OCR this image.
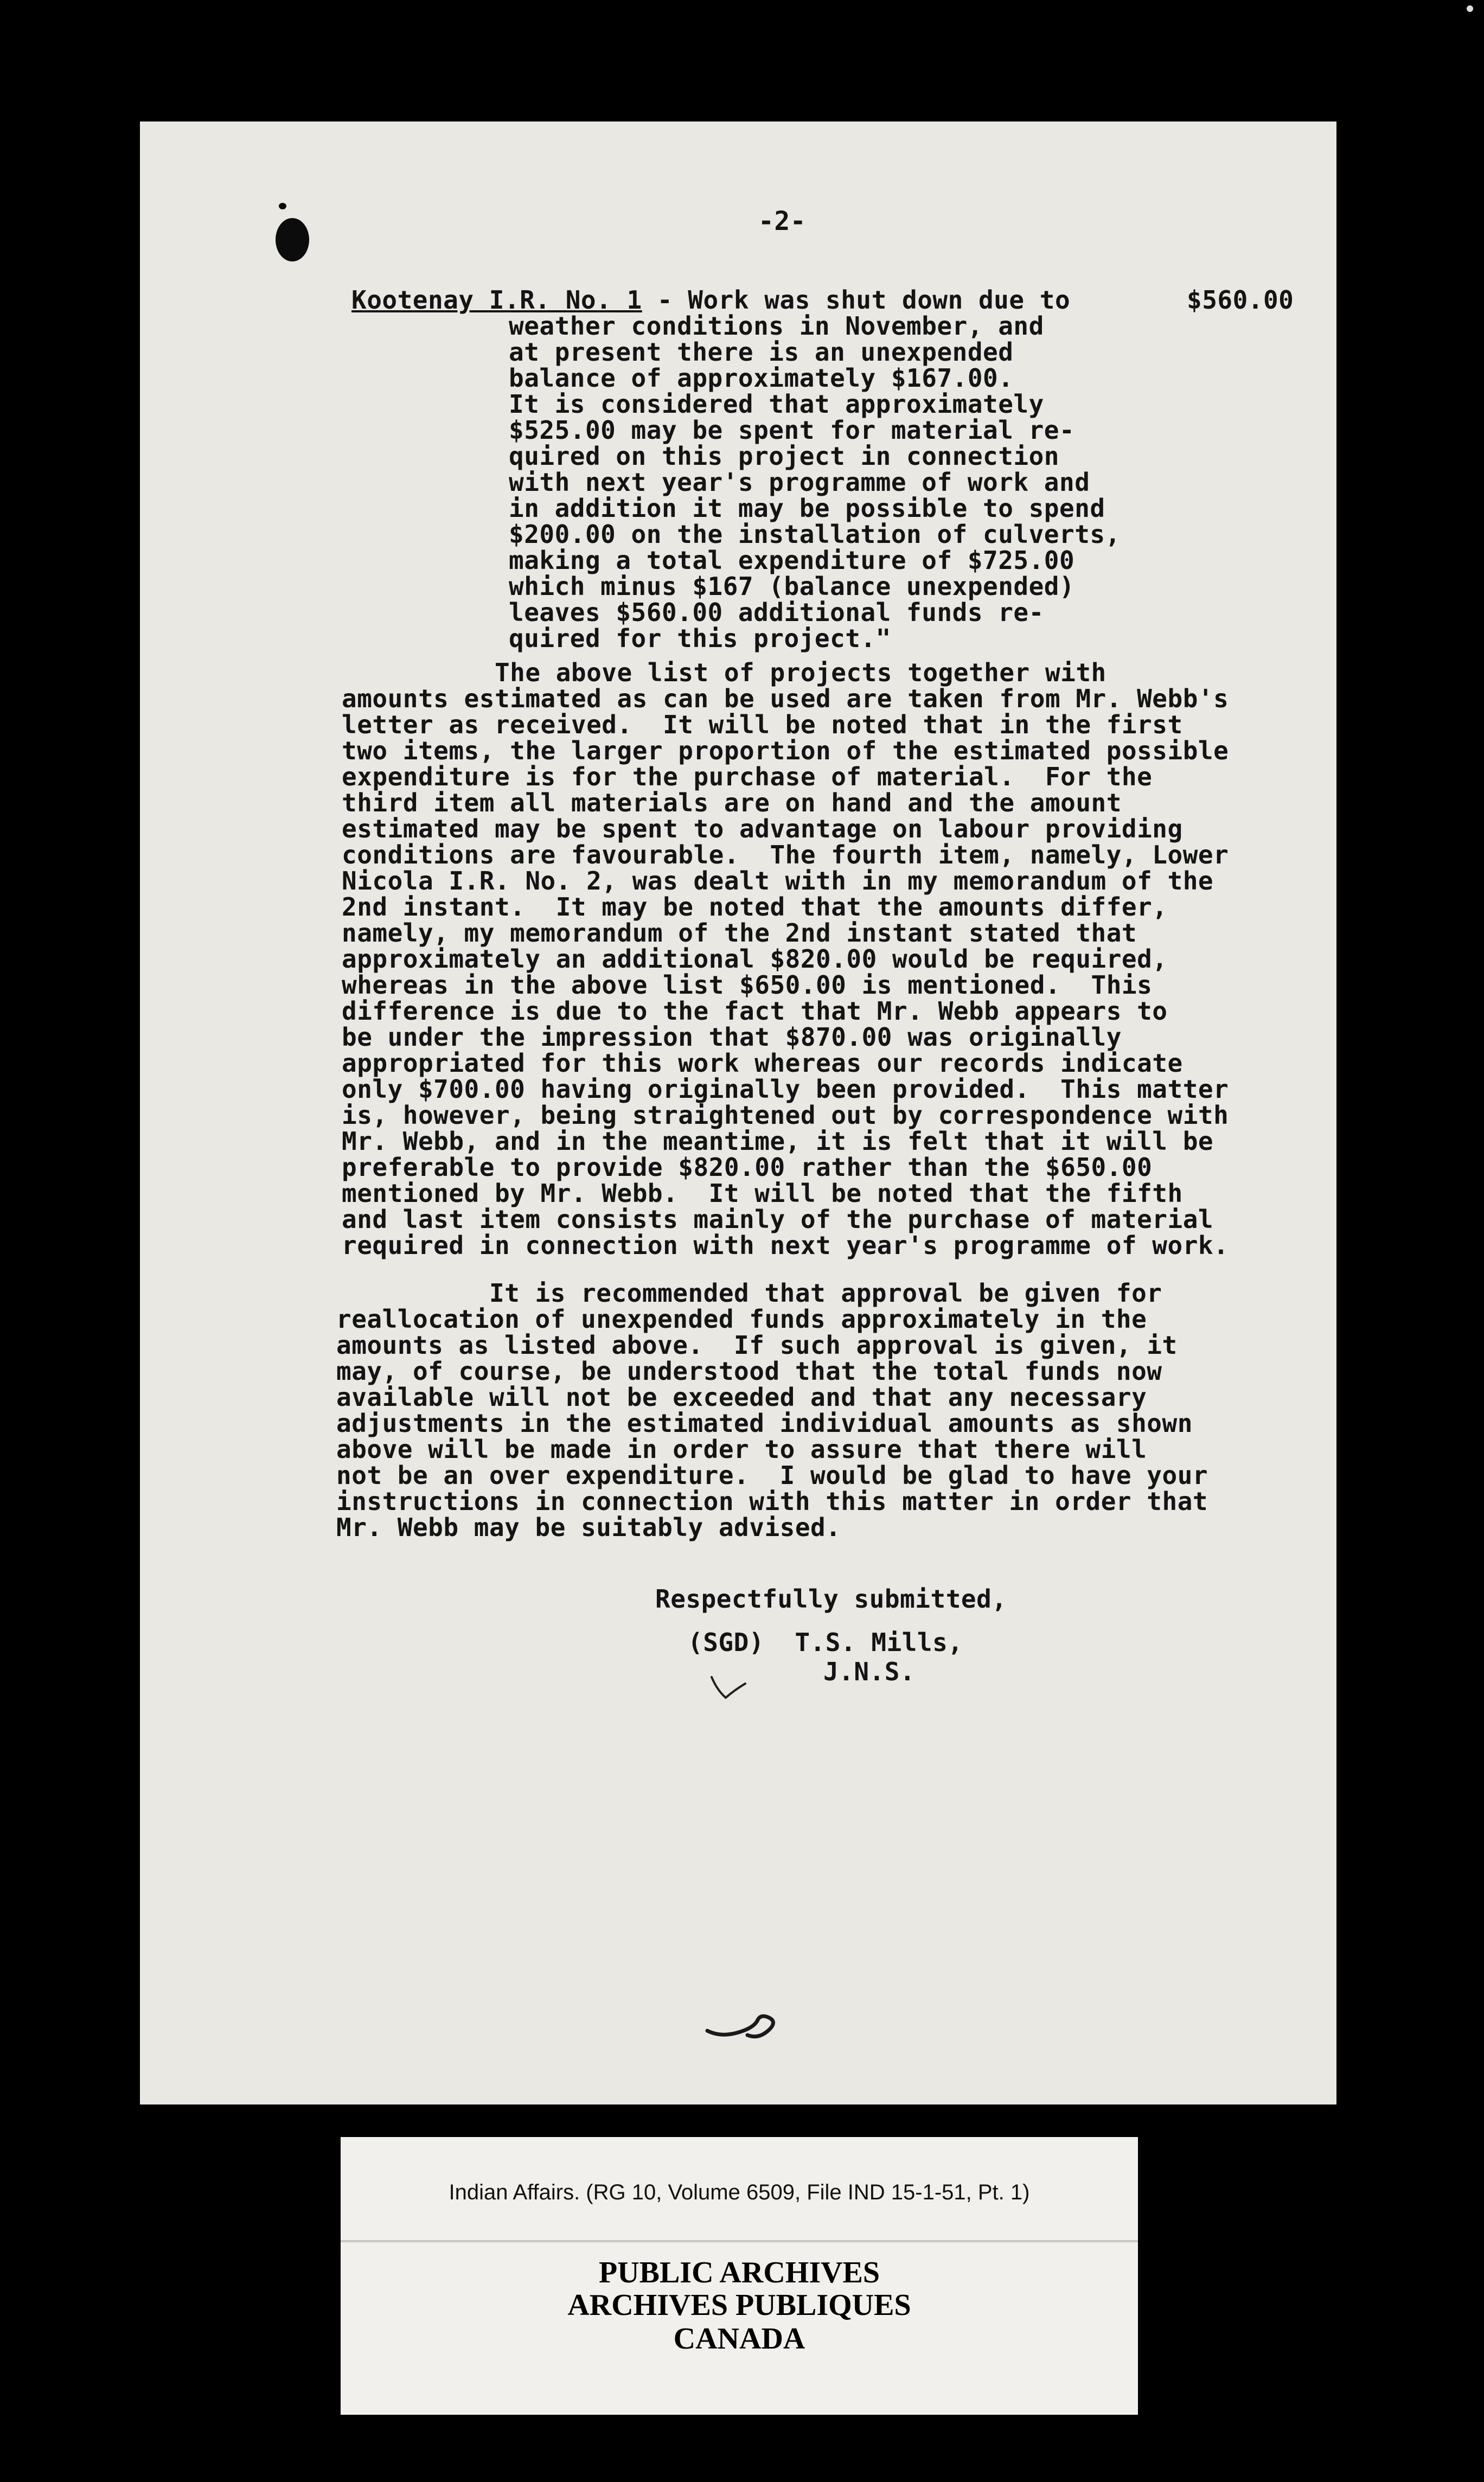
-2-
Kootenay I.R. No. 1 - Work was shut down due to	$560.00
weather conditions in November, and
at present there is an unexpended
balance of approximately $167.00.
It is considered that approximately
$525.00 may be spent for material re-
quired on this project in connection
with next year's programme of work and
in addition it may be possible to spend
$200.00 on the installation of culverts,
making a total expenditure of $725.00
which minus $167 (balance unexpended)
leaves $560.00 additional funds re-
quired for this project."
The above list of projects together with
amounts estimated as can be used are taken from Mr. Webb's
letter as received.  It will be noted that in the first
two items, the larger proportion of the estimated possible
expenditure is for the purchase of material.  For the
third item all materials are on hand and the amount
estimated may be spent to advantage on labour providing
conditions are favourable.  The fourth item, namely, Lower
Nicola I.R. No. 2, was dealt with in my memorandum of the
2nd instant.  It may be noted that the amounts differ,
namely, my memorandum of the 2nd instant stated that
approximately an additional $820.00 would be required,
whereas in the above list $650.00 is mentioned.  This
difference is due to the fact that Mr. Webb appears to
be under the impression that $870.00 was originally
appropriated for this work whereas our records indicate
only $700.00 having originally been provided.  This matter
is, however, being straightened out by correspondence with
Mr. Webb, and in the meantime, it is felt that it will be
preferable to provide $820.00 rather than the $650.00
mentioned by Mr. Webb.  It will be noted that the fifth
and last item consists mainly of the purchase of material
required in connection with next year's programme of work.
It is recommended that approval be given for
reallocation of unexpended funds approximately in the
amounts as listed above.  If such approval is given, it
may, of course, be understood that the total funds now
available will not be exceeded and that any necessary
adjustments in the estimated individual amounts as shown
above will be made in order to assure that there will
not be an over expenditure.  I would be glad to have your
instructions in connection with this matter in order that
Mr. Webb may be suitably advised.
Respectfully submitted,
(SGD)  T.S. Mills,
J.N.S.
Indian Affairs. (RG 10, Volume 6509, File IND 15-1-51, Pt. 1)
PUBLIC ARCHIVES
ARCHIVES PUBLIQUES
CANADA
